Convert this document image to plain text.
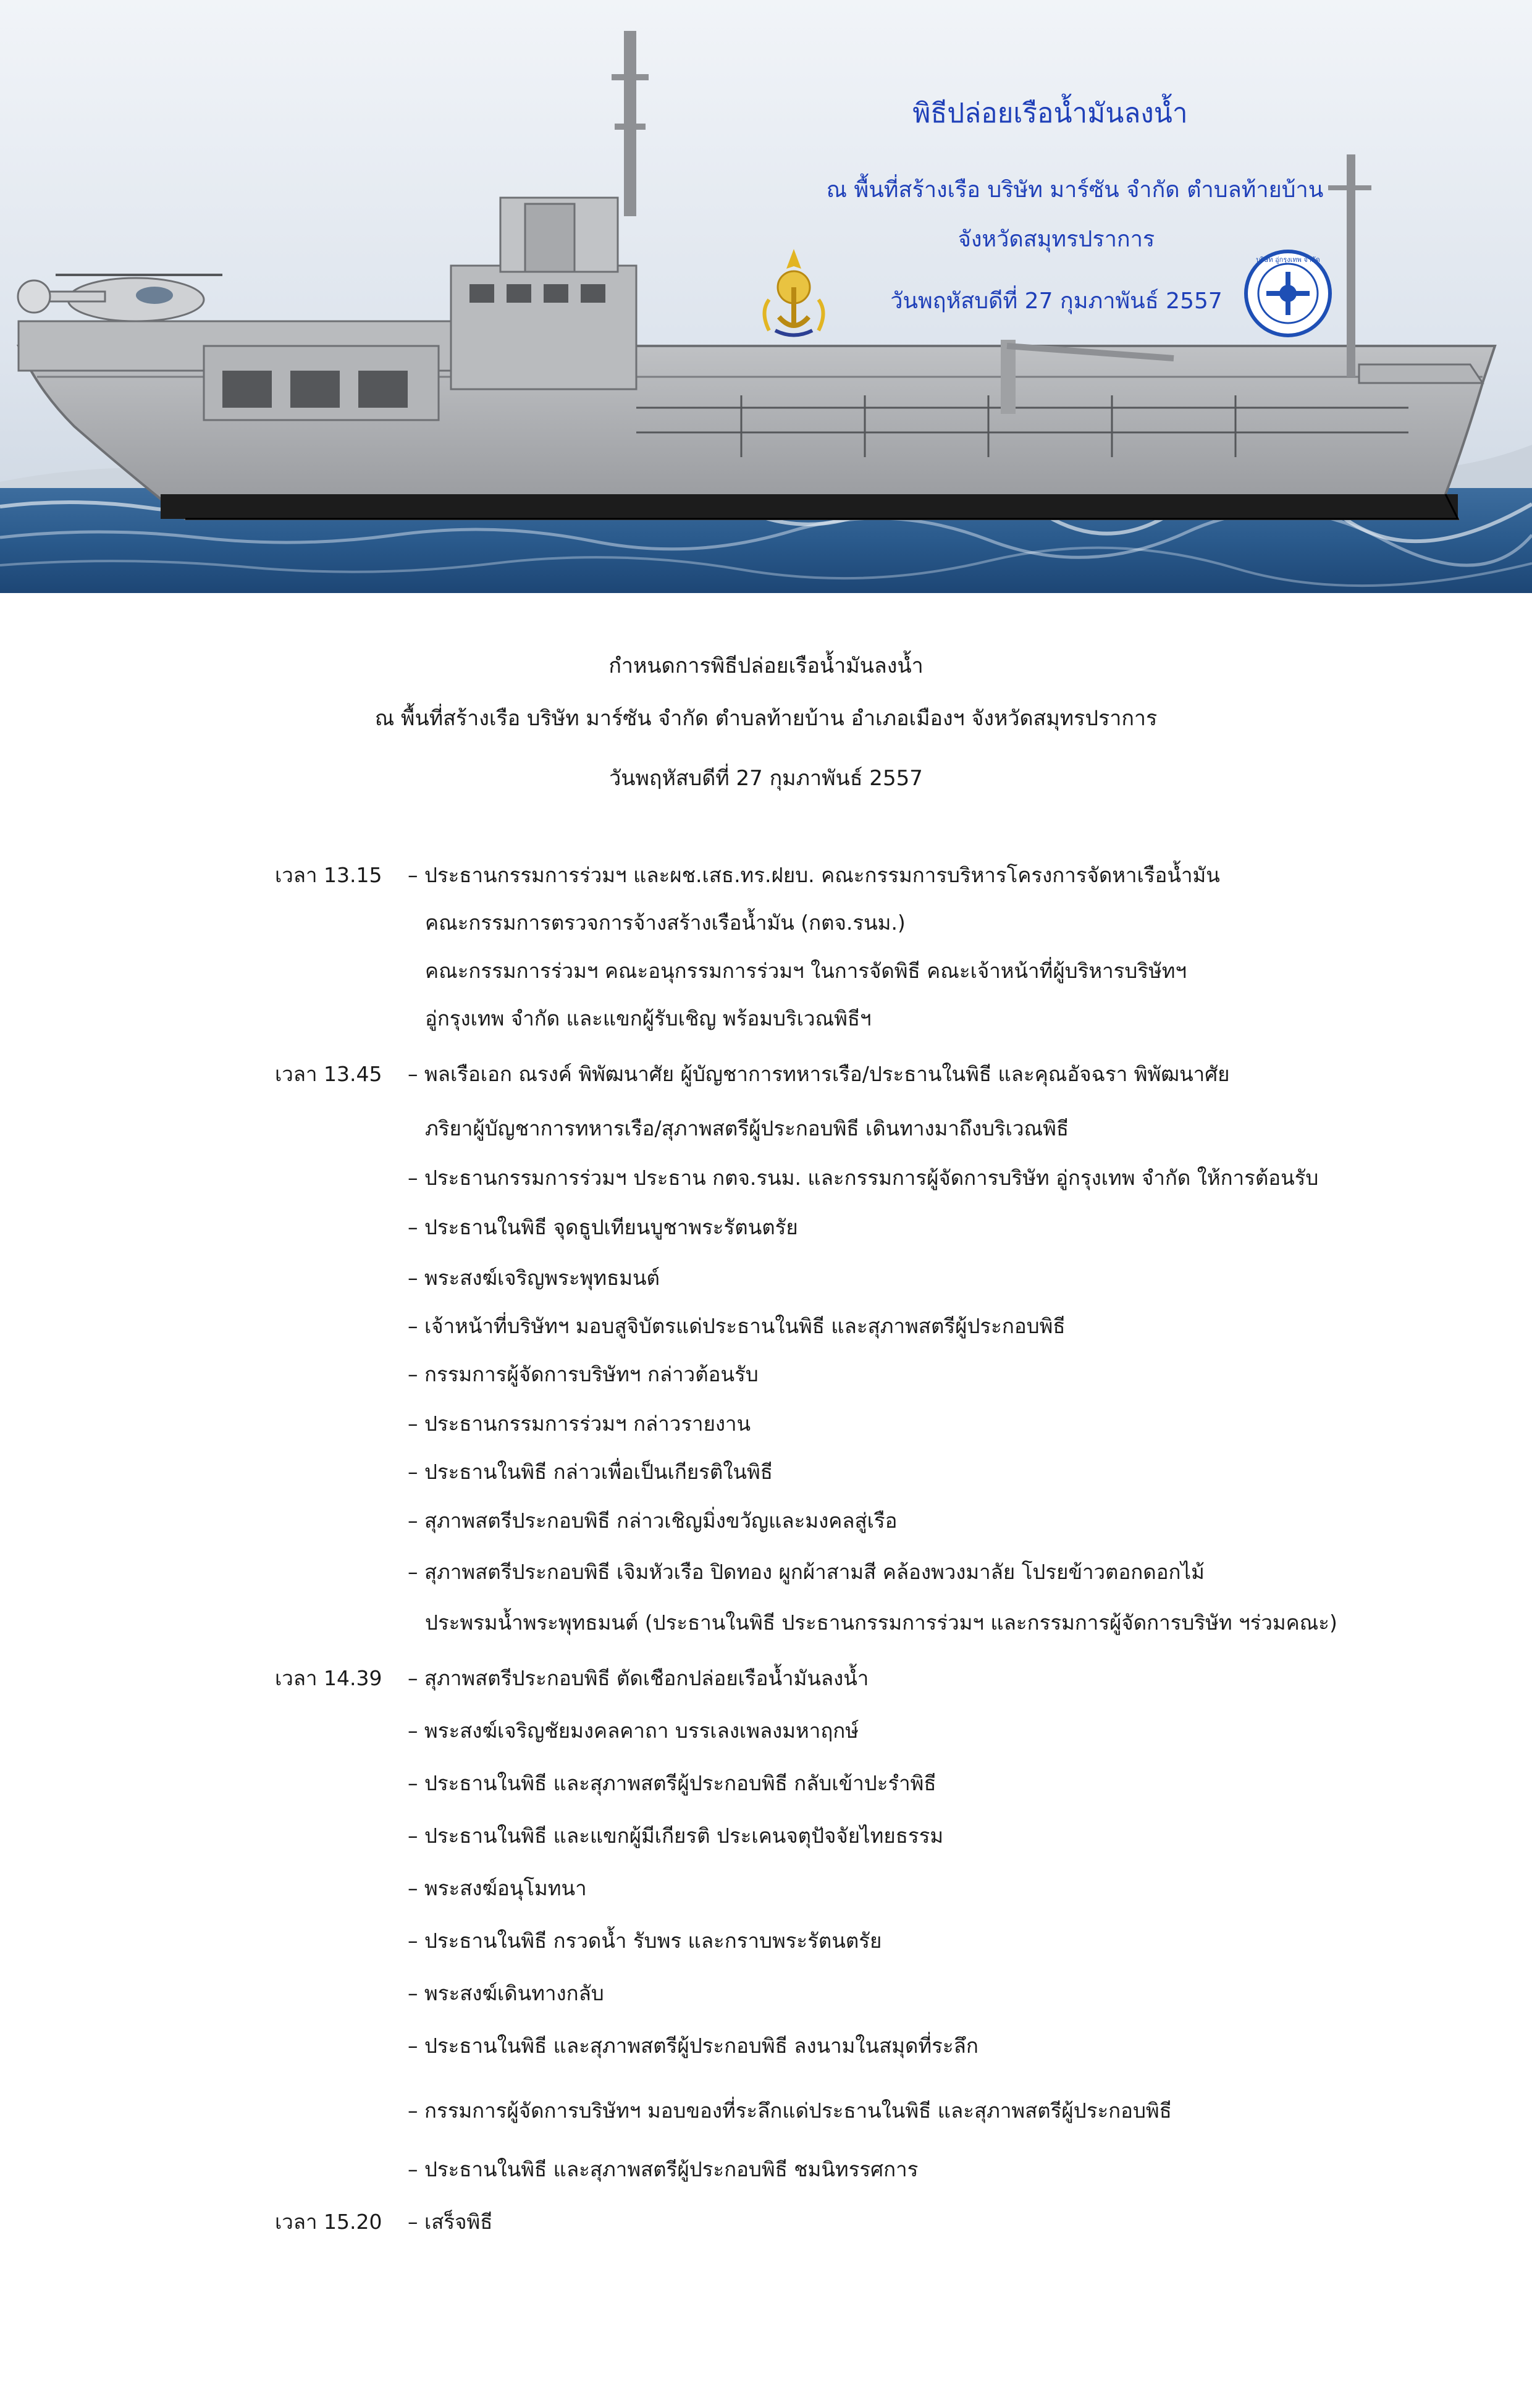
บริษัท อู่กรุงเทพ จำกัด
พิธีปล่อยเรือน้ำมันลงน้ำ
ณ พื้นที่สร้างเรือ บริษัท มาร์ซัน จำกัด ตำบลท้ายบ้าน
จังหวัดสมุทรปราการ
วันพฤหัสบดีที่ 27 กุมภาพันธ์ 2557
กำหนดการพิธีปล่อยเรือน้ำมันลงน้ำ
ณ พื้นที่สร้างเรือ บริษัท มาร์ซัน จำกัด ตำบลท้ายบ้าน อำเภอเมืองฯ จังหวัดสมุทรปราการ
วันพฤหัสบดีที่ 27 กุมภาพันธ์ 2557
เวลา 13.15 – ประธานกรรมการร่วมฯ และผช.เสธ.ทร.ฝยบ. คณะกรรมการบริหารโครงการจัดหาเรือน้ำมัน
คณะกรรมการตรวจการจ้างสร้างเรือน้ำมัน (กตจ.รนม.)
คณะกรรมการร่วมฯ คณะอนุกรรมการร่วมฯ ในการจัดพิธี คณะเจ้าหน้าที่ผู้บริหารบริษัทฯ
อู่กรุงเทพ จำกัด และแขกผู้รับเชิญ พร้อมบริเวณพิธีฯ
เวลา 13.45 – พลเรือเอก ณรงค์ พิพัฒนาศัย ผู้บัญชาการทหารเรือ/ประธานในพิธี และคุณอัจฉรา พิพัฒนาศัย
ภริยาผู้บัญชาการทหารเรือ/สุภาพสตรีผู้ประกอบพิธี เดินทางมาถึงบริเวณพิธี
– ประธานกรรมการร่วมฯ ประธาน กตจ.รนม. และกรรมการผู้จัดการบริษัท อู่กรุงเทพ จำกัด ให้การต้อนรับ
– ประธานในพิธี จุดธูปเทียนบูชาพระรัตนตรัย
– พระสงฆ์เจริญพระพุทธมนต์
– เจ้าหน้าที่บริษัทฯ มอบสูจิบัตรแด่ประธานในพิธี และสุภาพสตรีผู้ประกอบพิธี
– กรรมการผู้จัดการบริษัทฯ กล่าวต้อนรับ
– ประธานกรรมการร่วมฯ กล่าวรายงาน
– ประธานในพิธี กล่าวเพื่อเป็นเกียรติในพิธี
– สุภาพสตรีประกอบพิธี กล่าวเชิญมิ่งขวัญและมงคลสู่เรือ
– สุภาพสตรีประกอบพิธี เจิมหัวเรือ ปิดทอง ผูกผ้าสามสี คล้องพวงมาลัย โปรยข้าวตอกดอกไม้
ประพรมน้ำพระพุทธมนต์ (ประธานในพิธี ประธานกรรมการร่วมฯ และกรรมการผู้จัดการบริษัท ฯร่วมคณะ)
เวลา 14.39 – สุภาพสตรีประกอบพิธี ตัดเชือกปล่อยเรือน้ำมันลงน้ำ
– พระสงฆ์เจริญชัยมงคลคาถา บรรเลงเพลงมหาฤกษ์
– ประธานในพิธี และสุภาพสตรีผู้ประกอบพิธี กลับเข้าปะรำพิธี
– ประธานในพิธี และแขกผู้มีเกียรติ ประเคนจตุปัจจัยไทยธรรม
– พระสงฆ์อนุโมทนา
– ประธานในพิธี กรวดน้ำ รับพร และกราบพระรัตนตรัย
– พระสงฆ์เดินทางกลับ
– ประธานในพิธี และสุภาพสตรีผู้ประกอบพิธี ลงนามในสมุดที่ระลึก
– กรรมการผู้จัดการบริษัทฯ มอบของที่ระลึกแด่ประธานในพิธี และสุภาพสตรีผู้ประกอบพิธี
– ประธานในพิธี และสุภาพสตรีผู้ประกอบพิธี ชมนิทรรศการ
เวลา 15.20 – เสร็จพิธี
